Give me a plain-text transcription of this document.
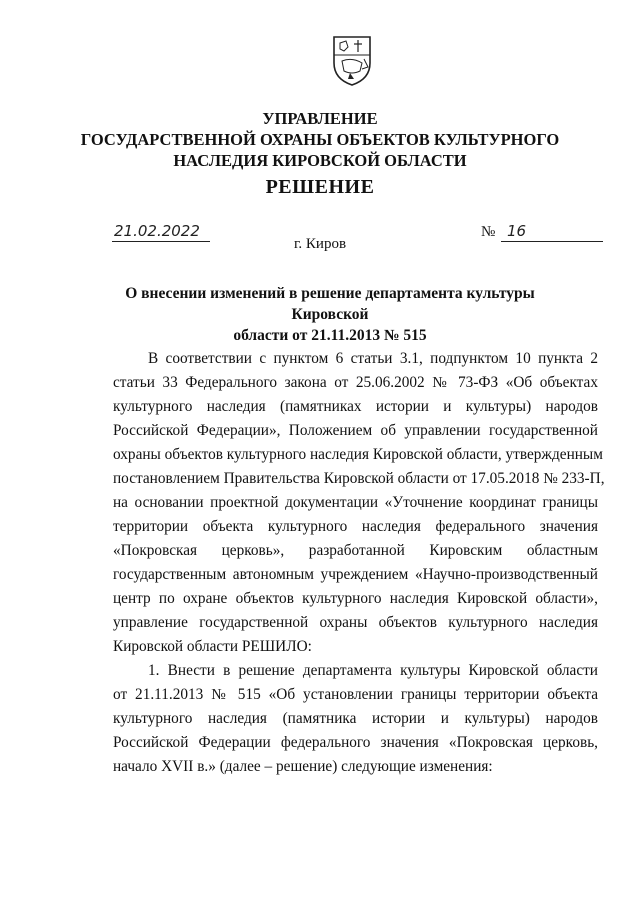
УПРАВЛЕНИЕ
ГОСУДАРСТВЕННОЙ ОХРАНЫ ОБЪЕКТОВ КУЛЬТУРНОГО
НАСЛЕДИЯ КИРОВСКОЙ ОБЛАСТИ
РЕШЕНИЕ
21.02.2022	№ 16
г. Киров
О внесении изменений в решение департамента культуры Кировской
области от 21.11.2013 № 515
В соответствии с пунктом 6 статьи 3.1, подпунктом 10 пункта 2
статьи 33 Федерального закона от 25.06.2002 № 73-ФЗ «Об объектах
культурного наследия (памятниках истории и культуры) народов
Российской Федерации», Положением об управлении государственной
охраны объектов культурного наследия Кировской области, утвержденным
постановлением Правительства Кировской области от 17.05.2018 № 233-П,
на основании проектной документации «Уточнение координат границы
территории объекта культурного наследия федерального значения
«Покровская церковь», разработанной Кировским областным
государственным автономным учреждением «Научно-производственный
центр по охране объектов культурного наследия Кировской области»,
управление государственной охраны объектов культурного наследия
Кировской области РЕШИЛО:
1. Внести в решение департамента культуры Кировской области
от 21.11.2013 № 515 «Об установлении границы территории объекта
культурного наследия (памятника истории и культуры) народов
Российской Федерации федерального значения «Покровская церковь,
начало XVII в.» (далее – решение) следующие изменения:
